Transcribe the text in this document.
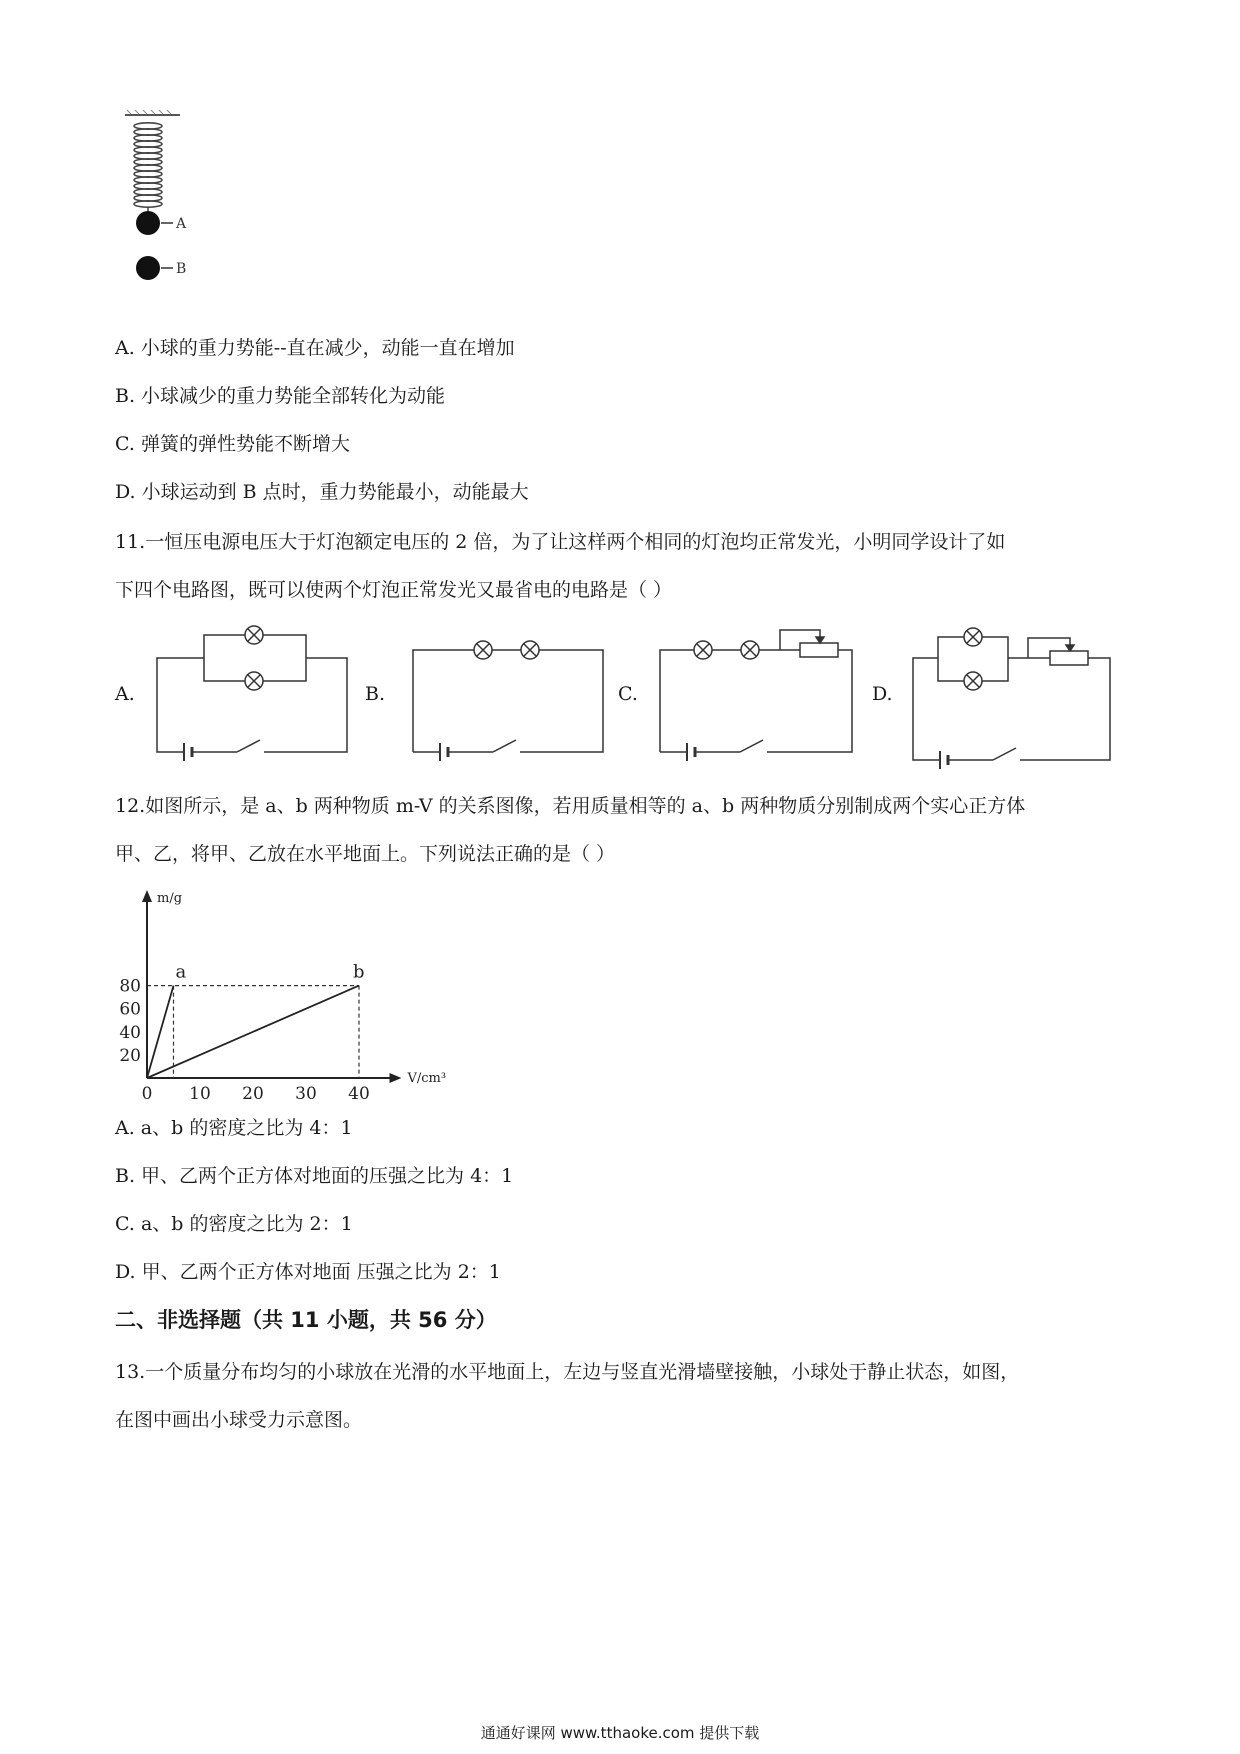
A
B
A. 小球的重力势能--直在减少，动能一直在增加
B. 小球减少的重力势能全部转化为动能
C. 弹簧的弹性势能不断增大
D. 小球运动到 B 点时，重力势能最小，动能最大
11.一恒压电源电压大于灯泡额定电压的 2 倍，为了让这样两个相同的灯泡均正常发光，小明同学设计了如
下四个电路图，既可以使两个灯泡正常发光又最省电的电路是（ ）
A.	B.	C.	D.
12.如图所示，是 a、b 两种物质 m-V 的关系图像，若用质量相等的 a、b 两种物质分别制成两个实心正方体
甲、乙，将甲、乙放在水平地面上。下列说法正确的是（ ）
m/g
V/cm³
0 10 20 30 40
20
40
60
80
a	b
A. a、b 的密度之比为 4：1
B. 甲、乙两个正方体对地面的压强之比为 4：1
C. a、b 的密度之比为 2：1
D. 甲、乙两个正方体对地面 压强之比为 2：1
二、非选择题（共 11 小题，共 56 分）
13.一个质量分布均匀的小球放在光滑的水平地面上，左边与竖直光滑墙壁接触，小球处于静止状态，如图，
在图中画出小球受力示意图。
通通好课网 www.tthaoke.com 提供下载
